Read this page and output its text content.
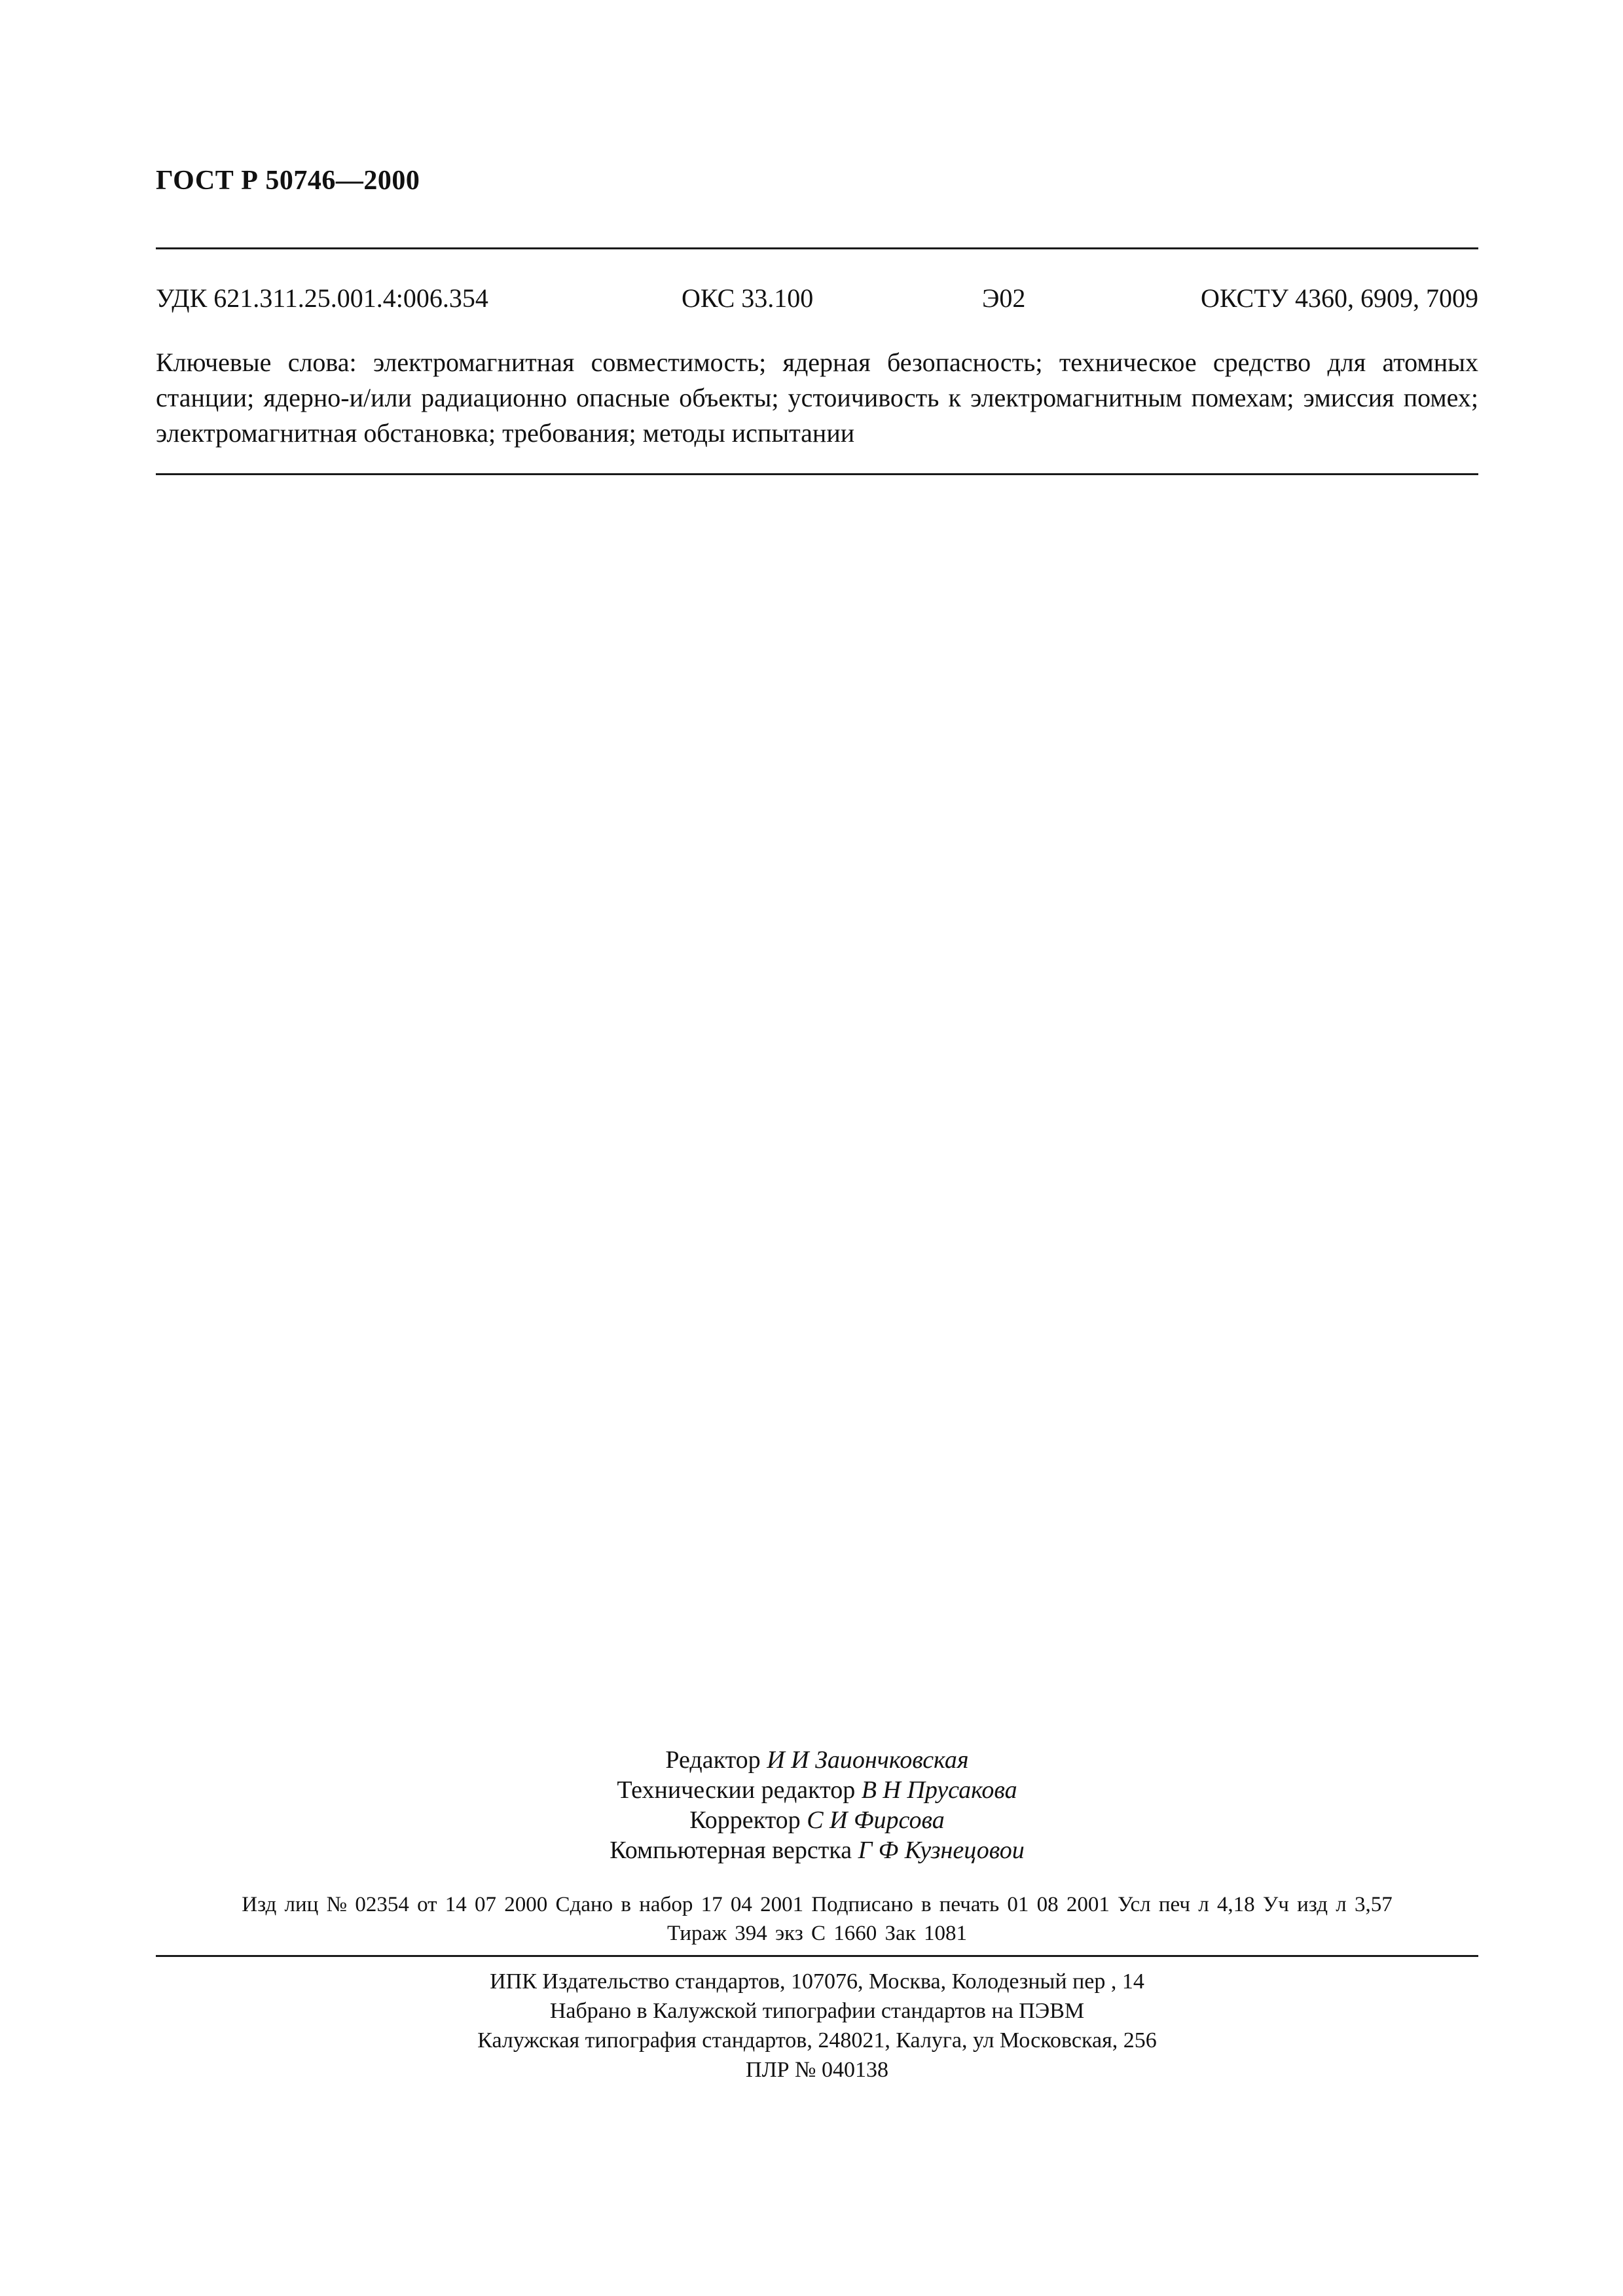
ГОСТ Р 50746—2000
УДК 621.311.25.001.4:006.354	ОКС 33.100	Э02	ОКСТУ 4360, 6909, 7009
Ключевые слова: электромагнитная совместимость; ядерная безопасность; техническое средство для атомных станции; ядерно-и/или радиационно опасные объекты; устоичивость к электромагнитным помехам; эмиссия помех; электромагнитная обстановка; требования; методы испытании
Редактор И И Заиончковская
Техническии редактор В Н Прусакова
Корректор С И Фирсова
Компьютерная верстка Г Ф Кузнецовои
Изд лиц № 02354 от 14 07 2000 Сдано в набор 17 04 2001 Подписано в печать 01 08 2001 Усл печ л 4,18 Уч изд л 3,57
Тираж 394 экз С 1660 Зак 1081
ИПК Издательство стандартов, 107076, Москва, Колодезный пер , 14
Набрано в Калужской типографии стандартов на ПЭВМ
Калужская типография стандартов, 248021, Калуга, ул Московская, 256
ПЛР № 040138
